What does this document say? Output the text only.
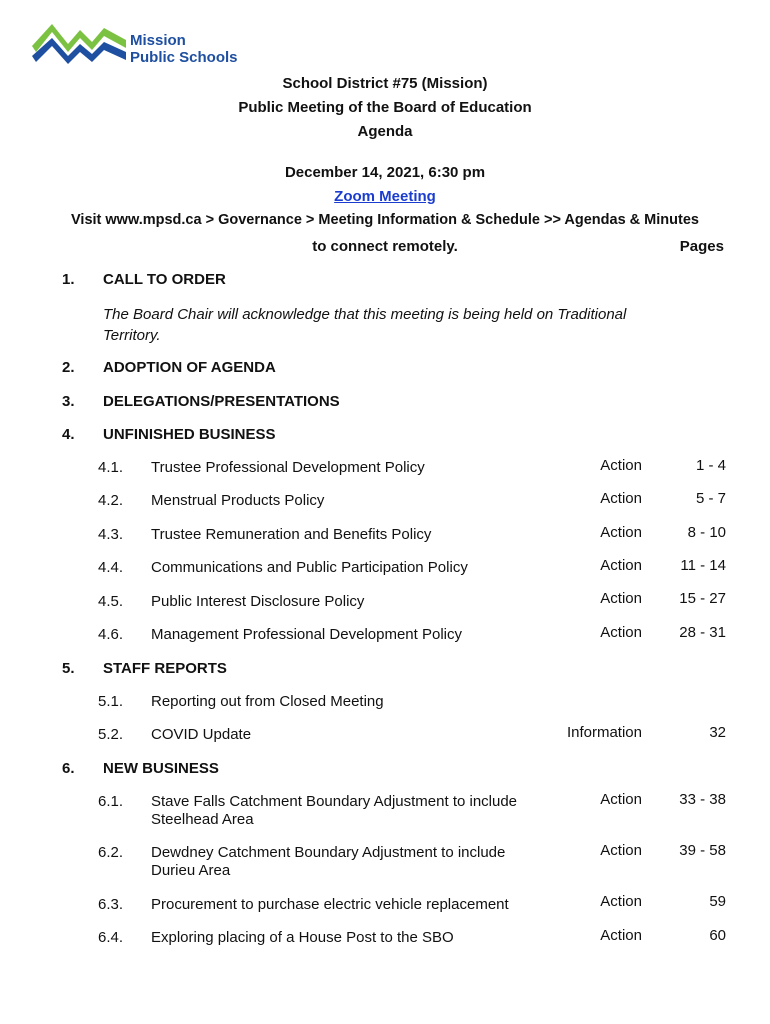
Mission
Public Schools
School District #75 (Mission)
Public Meeting of the Board of Education
Agenda
December 14, 2021, 6:30 pm
Zoom Meeting
Visit www.mpsd.ca > Governance > Meeting Information & Schedule >> Agendas & Minutes
to connect remotely.	Pages
1. CALL TO ORDER
The Board Chair will acknowledge that this meeting is being held on Traditional Territory.
2. ADOPTION OF AGENDA
3. DELEGATIONS/PRESENTATIONS
4. UNFINISHED BUSINESS
4.1. Trustee Professional Development Policy	Action	1 - 4
4.2. Menstrual Products Policy	Action	5 - 7
4.3. Trustee Remuneration and Benefits Policy	Action	8 - 10
4.4. Communications and Public Participation Policy	Action	11 - 14
4.5. Public Interest Disclosure Policy	Action	15 - 27
4.6. Management Professional Development Policy	Action	28 - 31
5. STAFF REPORTS
5.1. Reporting out from Closed Meeting
5.2. COVID Update	Information	32
6. NEW BUSINESS
6.1. Stave Falls Catchment Boundary Adjustment to include Steelhead Area
Action	33 - 38
6.2. Dewdney Catchment Boundary Adjustment to include Durieu Area
Action	39 - 58
6.3. Procurement to purchase electric vehicle replacement	Action	59
6.4. Exploring placing of a House Post to the SBO	Action	60
